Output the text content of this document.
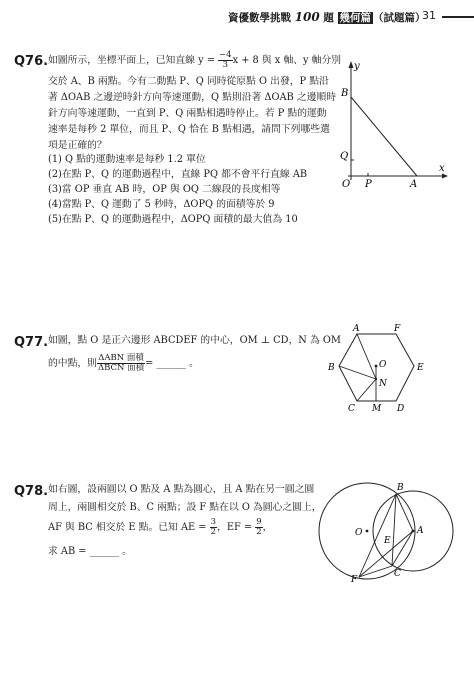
資優數學挑戰 100 題 幾何篇 （試題篇）
31
Q76. 如圖所示，坐標平面上，已知直線 $y = \frac{-4}{3}$ x + 8 與 x 軸、y 軸分別
交於 A、B 兩點。今有二動點 P、Q 同時從原點 O 出發，P 點沿
著 ΔOAB 之邊逆時針方向等速運動，Q 點則沿著 ΔOAB 之邊順時
針方向等速運動，一直到 P、Q 兩點相遇時停止。若 P 點的運動
速率是每秒 2 單位，而且 P、Q 恰在 B 點相遇，請問下列哪些選
項是正確的？
(1) Q 點的運動速率是每秒 1.2 單位
(2)在點 P、Q 的運動過程中，直線 PQ 都不會平行直線 AB
(3)當 OP 垂直 AB 時，OP 與 OQ 二線段的長度相等
(4)當點 P、Q 運動了 5 秒時，ΔOPQ 的面積等於 9
(5)在點 P、Q 的運動過程中，ΔOPQ 面積的最大值為 10
y
x
B
Q
O P	A
Q77. 如圖，點 O 是正六邊形 ABCDEF 的中心，OM ⊥ CD，N 為 OM
的中點，則 $\frac{\text{ΔABN 面積}}{\text{ΔBCN 面積}}$ = ______ 。
A	F
B	E
O
N
C M D
Q78. 如右圖，設兩圓以 O 點及 A 點為圓心，且 A 點在另一圓之圓
周上，兩圓相交於 B、C 兩點；設 F 點在以 O 為圓心之圓上，
AF 與 BC 相交於 E 點。已知 AE = $\frac{3}{2}$ ，EF = $\frac{9}{2}$ ，
求 AB = ______ 。
B
O	A
E
F
C
